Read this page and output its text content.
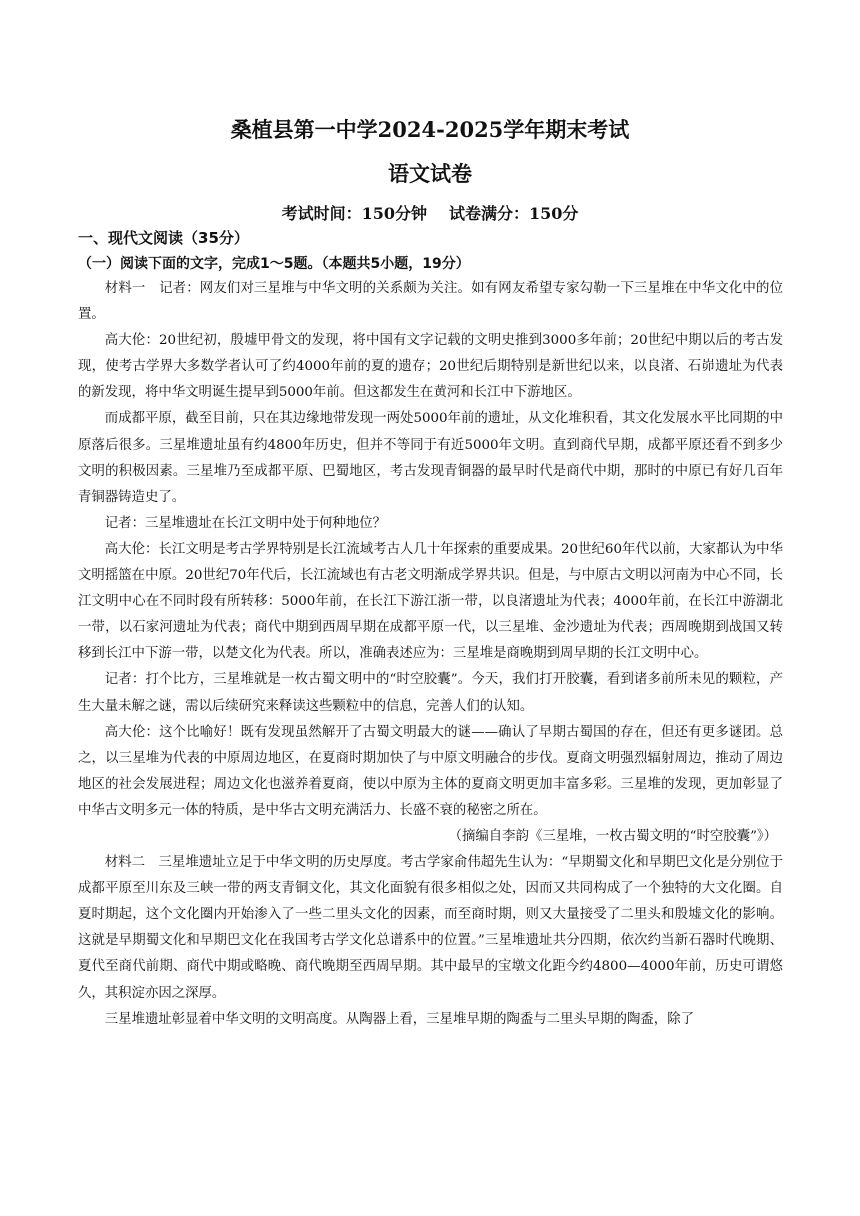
桑植县第一中学2024-2025学年期末考试
语文试卷
考试时间：150分钟 试卷满分：150分
一、现代文阅读（35分）
（一）阅读下面的文字，完成1～5题。（本题共5小题，19分）

材料一　记者：网友们对三星堆与中华文明的关系颇为关注。如有网友希望专家勾勒一下三星堆在中华文化中的位置。

高大伦：20世纪初，殷墟甲骨文的发现，将中国有文字记载的文明史推到3000多年前；20世纪中期以后的考古发现，使考古学界大多数学者认可了约4000年前的夏的遗存；20世纪后期特别是新世纪以来，以良渚、石峁遗址为代表的新发现，将中华文明诞生提早到5000年前。但这都发生在黄河和长江中下游地区。

而成都平原，截至目前，只在其边缘地带发现一两处5000年前的遗址，从文化堆积看，其文化发展水平比同期的中原落后很多。三星堆遗址虽有约4800年历史，但并不等同于有近5000年文明。直到商代早期，成都平原还看不到多少文明的积极因素。三星堆乃至成都平原、巴蜀地区，考古发现青铜器的最早时代是商代中期，那时的中原已有好几百年青铜器铸造史了。

记者：三星堆遗址在长江文明中处于何种地位？

高大伦：长江文明是考古学界特别是长江流域考古人几十年探索的重要成果。20世纪60年代以前，大家都认为中华文明摇篮在中原。20世纪70年代后，长江流域也有古老文明渐成学界共识。但是，与中原古文明以河南为中心不同，长江文明中心在不同时段有所转移：5000年前，在长江下游江浙一带，以良渚遗址为代表；4000年前，在长江中游湖北一带，以石家河遗址为代表；商代中期到西周早期在成都平原一代，以三星堆、金沙遗址为代表；西周晚期到战国又转移到长江中下游一带，以楚文化为代表。所以，准确表述应为：三星堆是商晚期到周早期的长江文明中心。

记者：打个比方，三星堆就是一枚古蜀文明中的“时空胶囊”。今天，我们打开胶囊，看到诸多前所未见的颗粒，产生大量未解之谜，需以后续研究来释读这些颗粒中的信息，完善人们的认知。

高大伦：这个比喻好！既有发现虽然解开了古蜀文明最大的谜——确认了早期古蜀国的存在，但还有更多谜团。总之，以三星堆为代表的中原周边地区，在夏商时期加快了与中原文明融合的步伐。夏商文明强烈辐射周边，推动了周边地区的社会发展进程；周边文化也滋养着夏商，使以中原为主体的夏商文明更加丰富多彩。三星堆的发现，更加彰显了中华古文明多元一体的特质，是中华古文明充满活力、长盛不衰的秘密之所在。

（摘编自李韵《三星堆，一枚古蜀文明的“时空胶囊”》）

材料二　三星堆遗址立足于中华文明的历史厚度。考古学家俞伟超先生认为：“早期蜀文化和早期巴文化是分别位于成都平原至川东及三峡一带的两支青铜文化，其文化面貌有很多相似之处，因而又共同构成了一个独特的大文化圈。自夏时期起，这个文化圈内开始渗入了一些二里头文化的因素，而至商时期，则又大量接受了二里头和殷墟文化的影响。这就是早期蜀文化和早期巴文化在我国考古学文化总谱系中的位置。”三星堆遗址共分四期，依次约当新石器时代晚期、夏代至商代前期、商代中期或略晚、商代晚期至西周早期。其中最早的宝墩文化距今约4800—4000年前，历史可谓悠久，其积淀亦因之深厚。

三星堆遗址彰显着中华文明的文明高度。从陶器上看，三星堆早期的陶盉与二里头早期的陶盉，除了
